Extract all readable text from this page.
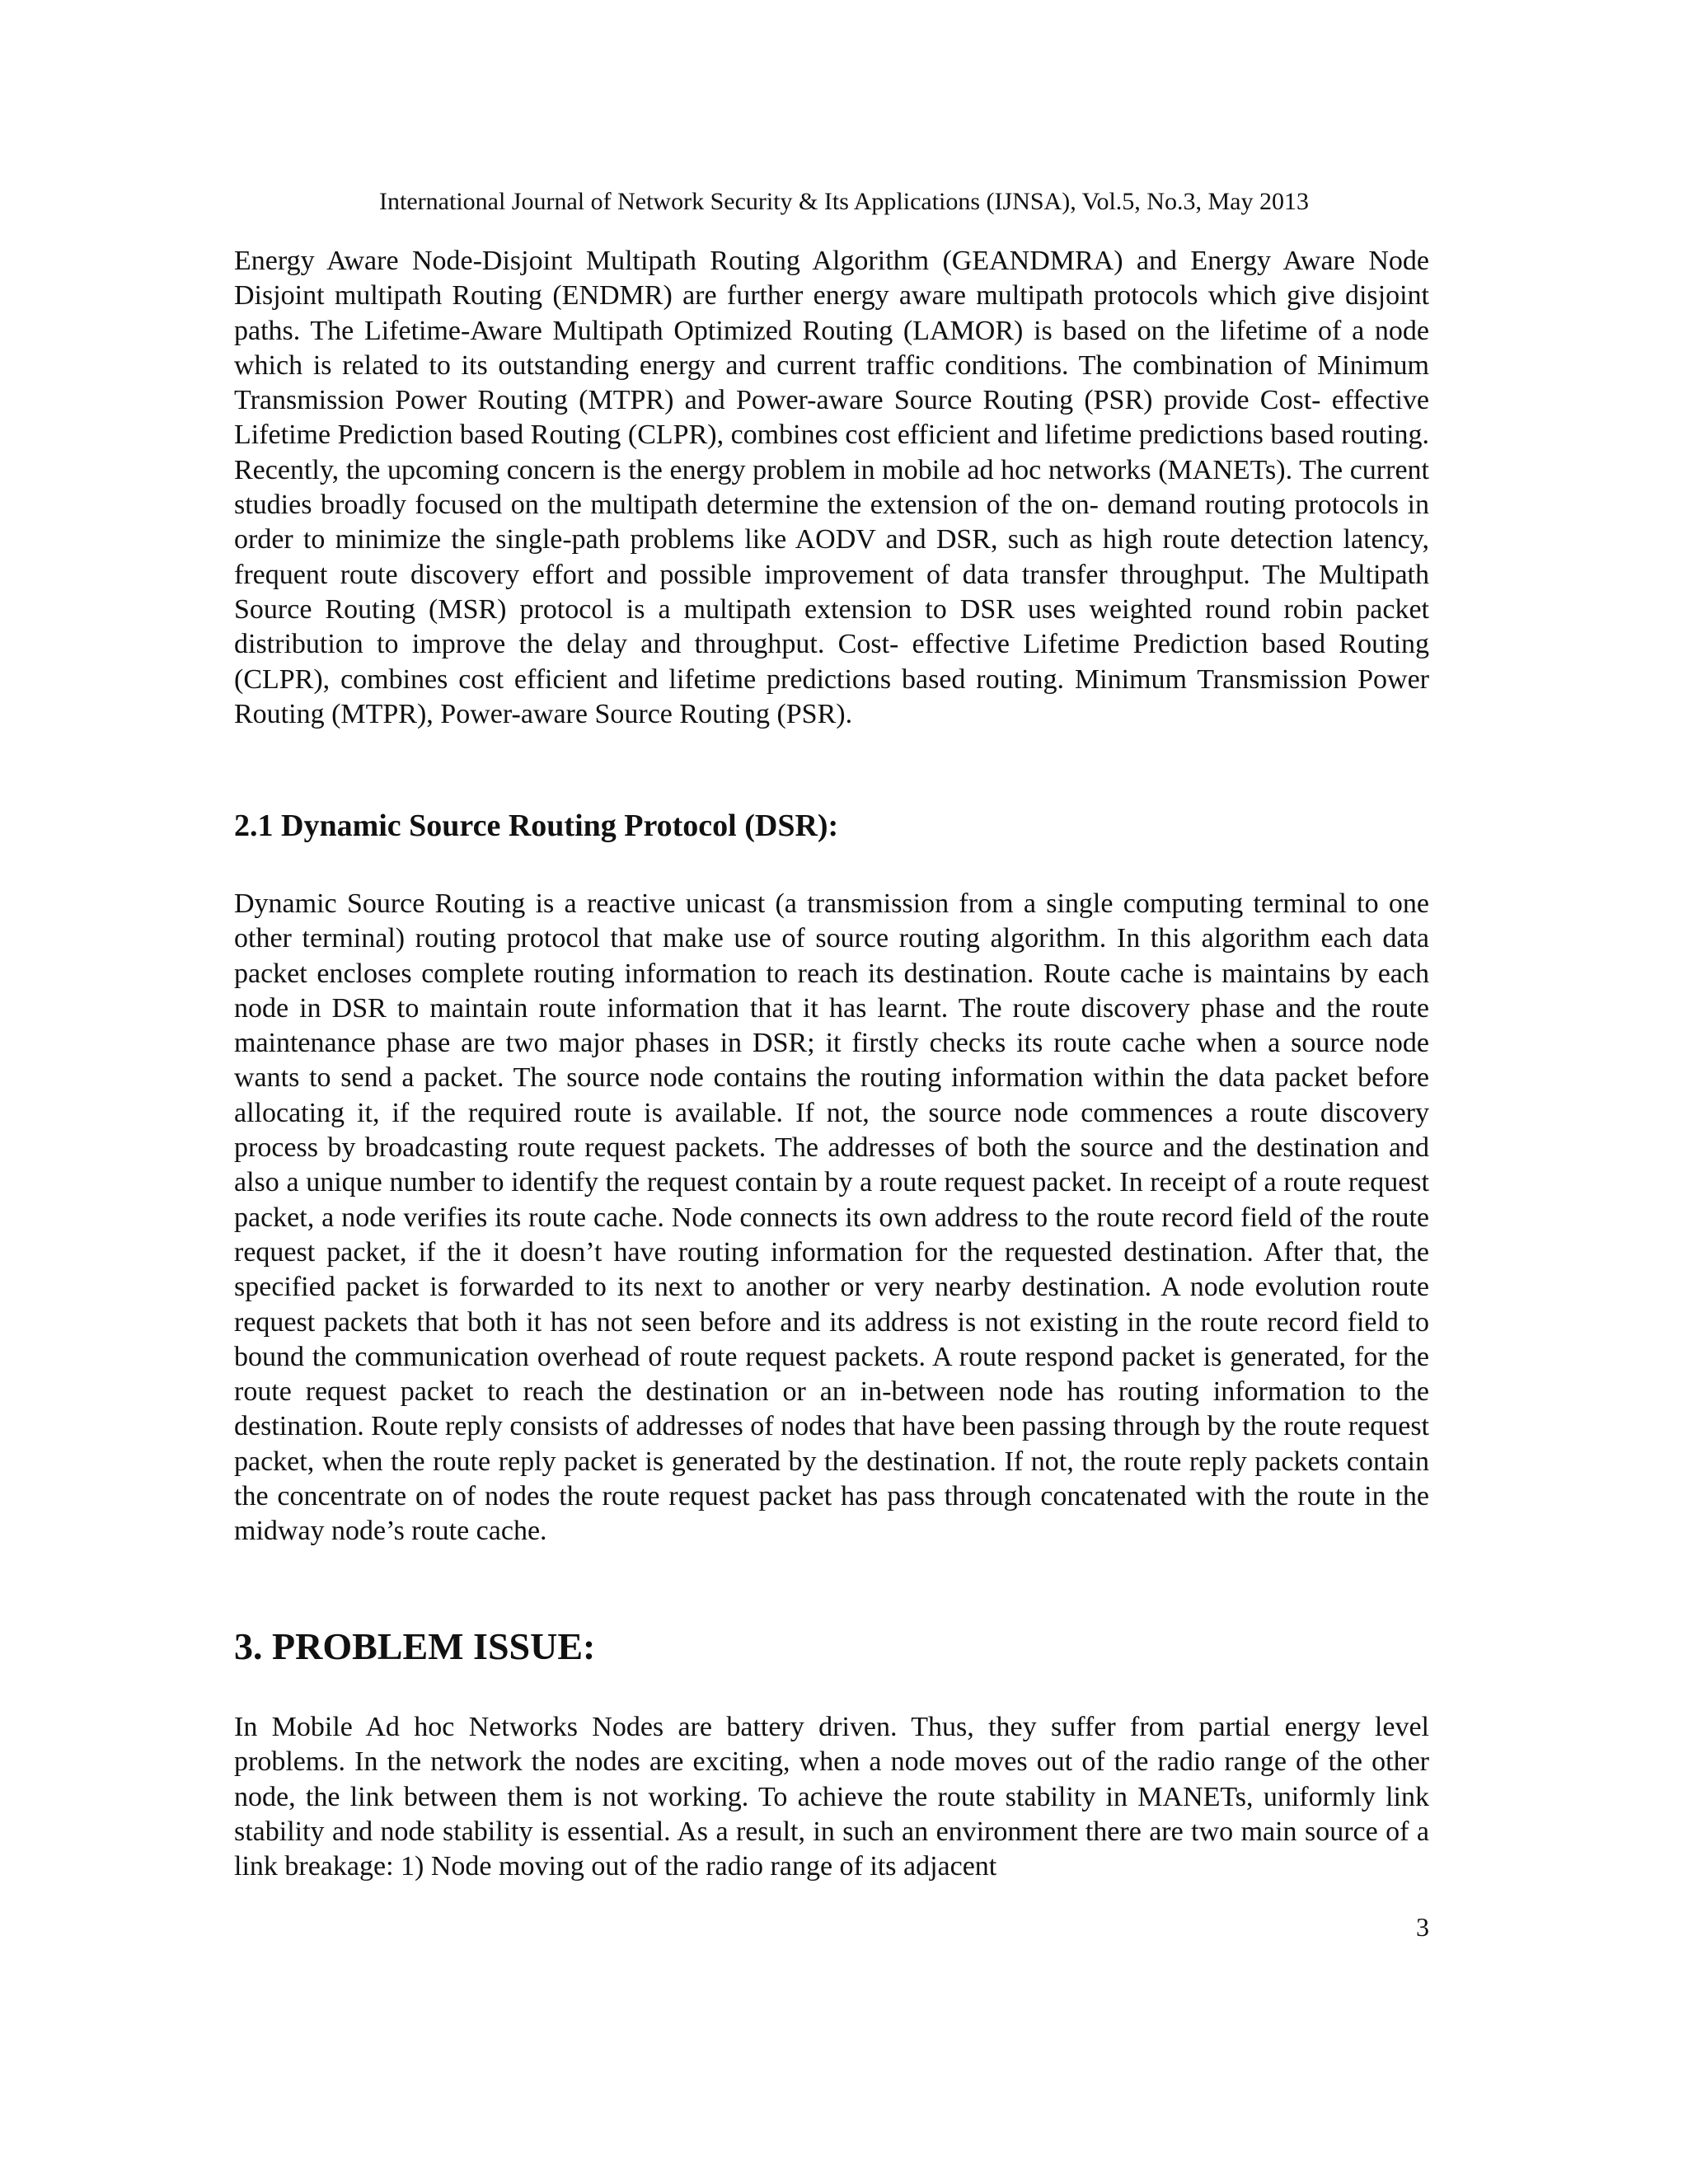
International Journal of Network Security & Its Applications (IJNSA), Vol.5, No.3, May 2013

Energy Aware Node-Disjoint Multipath Routing Algorithm (GEANDMRA) and Energy Aware Node Disjoint multipath Routing (ENDMR) are further energy aware multipath protocols which give disjoint paths. The Lifetime-Aware Multipath Optimized Routing (LAMOR) is based on the lifetime of a node which is related to its outstanding energy and current traffic conditions. The combination of Minimum Transmission Power Routing (MTPR) and Power-aware Source Routing (PSR) provide Cost- effective Lifetime Prediction based Routing (CLPR), combines cost efficient and lifetime predictions based routing. Recently, the upcoming concern is the energy problem in mobile ad hoc networks (MANETs). The current studies broadly focused on the multipath determine the extension of the on- demand routing protocols in order to minimize the single-path problems like AODV and DSR, such as high route detection latency, frequent route discovery effort and possible improvement of data transfer throughput. The Multipath Source Routing (MSR) protocol is a multipath extension to DSR uses weighted round robin packet distribution to improve the delay and throughput. Cost- effective Lifetime Prediction based Routing (CLPR), combines cost efficient and lifetime predictions based routing. Minimum Transmission Power Routing (MTPR), Power-aware Source Routing (PSR).

2.1 Dynamic Source Routing Protocol (DSR):

Dynamic Source Routing is a reactive unicast (a transmission from a single computing terminal to one other terminal) routing protocol that make use of source routing algorithm. In this algorithm each data packet encloses complete routing information to reach its destination. Route cache is maintains by each node in DSR to maintain route information that it has learnt. The route discovery phase and the route maintenance phase are two major phases in DSR; it firstly checks its route cache when a source node wants to send a packet. The source node contains the routing information within the data packet before allocating it, if the required route is available. If not, the source node commences a route discovery process by broadcasting route request packets. The addresses of both the source and the destination and also a unique number to identify the request contain by a route request packet. In receipt of a route request packet, a node verifies its route cache. Node connects its own address to the route record field of the route request packet, if the it doesn’t have routing information for the requested destination. After that, the specified packet is forwarded to its next to another or very nearby destination. A node evolution route request packets that both it has not seen before and its address is not existing in the route record field to bound the communication overhead of route request packets. A route respond packet is generated, for the route request packet to reach the destination or an in-between node has routing information to the destination. Route reply consists of addresses of nodes that have been passing through by the route request packet, when the route reply packet is generated by the destination. If not, the route reply packets contain the concentrate on of nodes the route request packet has pass through concatenated with the route in the midway node’s route cache.

3. PROBLEM ISSUE:

In Mobile Ad hoc Networks Nodes are battery driven. Thus, they suffer from partial energy level problems. In the network the nodes are exciting, when a node moves out of the radio range of the other node, the link between them is not working. To achieve the route stability in MANETs, uniformly link stability and node stability is essential. As a result, in such an environment there are two main source of a link breakage: 1) Node moving out of the radio range of its adjacent

3
